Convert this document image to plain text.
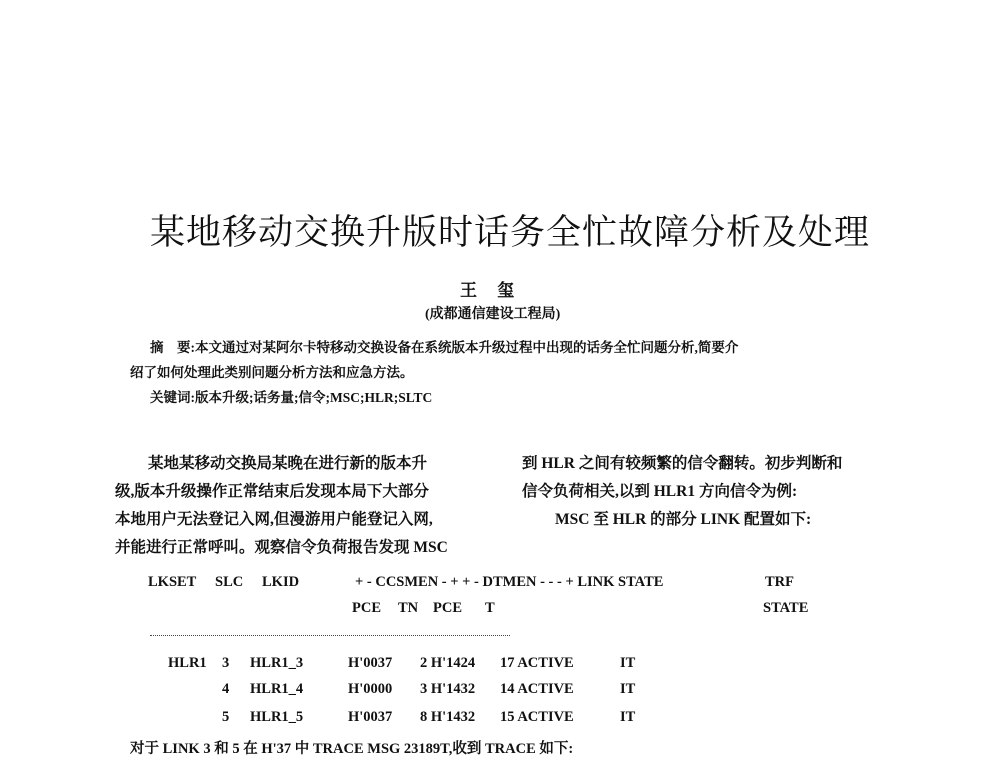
某地移动交换升版时话务全忙故障分析及处理
王 玺
(成都通信建设工程局)
摘　要:本文通过对某阿尔卡特移动交换设备在系统版本升级过程中出现的话务全忙问题分析,简要介
绍了如何处理此类别问题分析方法和应急方法。
关键词:版本升级;话务量;信令;MSC;HLR;SLTC
某地某移动交换局某晚在进行新的版本升
级,版本升级操作正常结束后发现本局下大部分
本地用户无法登记入网,但漫游用户能登记入网,
并能进行正常呼叫。观察信令负荷报告发现 MSC
到 HLR 之间有较频繁的信令翻转。初步判断和
信令负荷相关,以到 HLR1 方向信令为例:
MSC 至 HLR 的部分 LINK 配置如下:
LKSET SLC LKID	+ - CCSMEN - + + - DTMEN - - - + LINK STATE	TRF
PCE TN PCE T	STATE
HLR1 3 HLR1_3	H'0037 2 H'1424 17 ACTIVE	IT
4 HLR1_4	H'0000 3 H'1432 14 ACTIVE	IT
5 HLR1_5	H'0037 8 H'1432 15 ACTIVE	IT
对于 LINK 3 和 5 在 H'37 中 TRACE MSG 23189T,收到 TRACE 如下:
